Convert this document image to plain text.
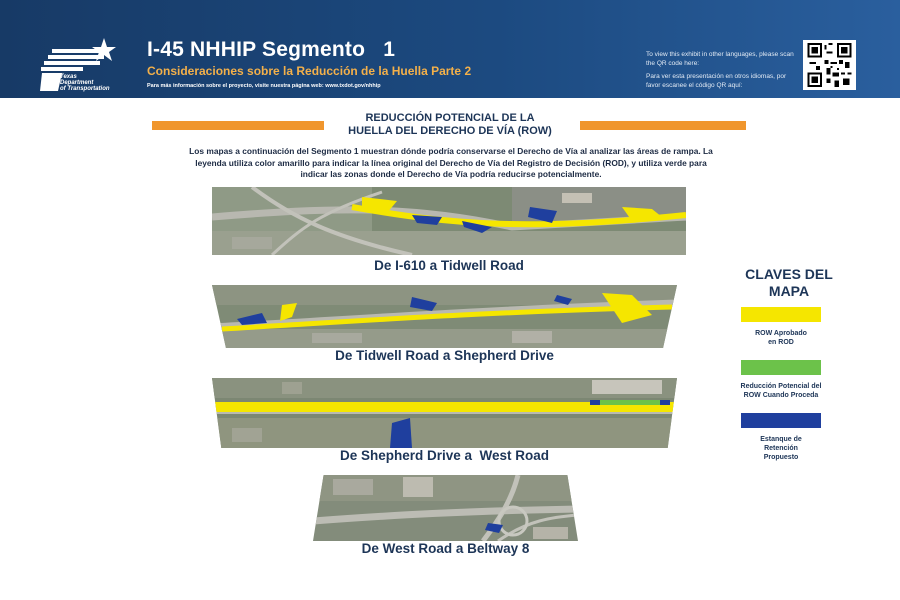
Texas
Department
of Transportation
I-45 NHHIP Segmento   1
Consideraciones sobre la Reducción de la Huella Parte 2
Para más información sobre el proyecto, visite nuestra página web: www.txdot.gov/nhhip
To view this exhibit in other languages, please scan the QR code here:
Para ver esta presentación en otros idiomas, por favor escanee el código QR aquí:
REDUCCIÓN POTENCIAL DE LA
HUELLA DEL DERECHO DE VÍA (ROW)
Los mapas a continuación del Segmento 1 muestran dónde podría conservarse el Derecho de Vía al analizar las áreas de rampa. La leyenda utiliza color amarillo para indicar la línea original del Derecho de Vía del Registro de Decisión (ROD), y utiliza verde para indicar las zonas donde el Derecho de Vía podría reducirse potencialmente.
De I-610 a Tidwell Road
De Tidwell Road a Shepherd Drive
De Shepherd Drive a  West Road
De West Road a Beltway 8
CLAVES DEL
MAPA
ROW Aprobado
en ROD
Reducción Potencial del
ROW Cuando Proceda
Estanque de
Retención
Propuesto
